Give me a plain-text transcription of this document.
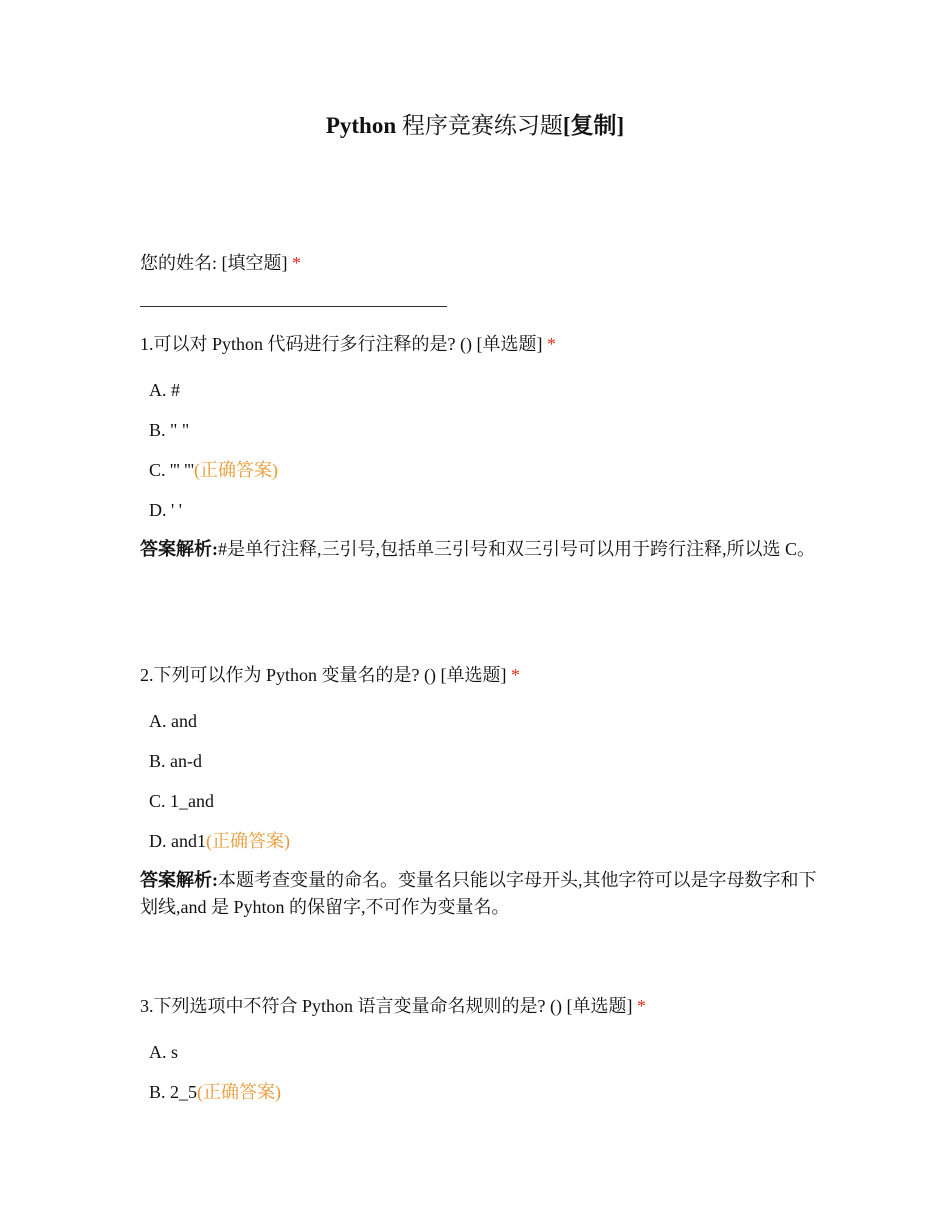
Python 程序竞赛练习题[复制]
您的姓名: [填空题] *
1.可以对 Python 代码进行多行注释的是? () [单选题] *
A. #
B. " "
C. ''' '''(正确答案)
D. ' '
答案解析:#是单行注释,三引号,包括单三引号和双三引号可以用于跨行注释,所以选 C。
2.下列可以作为 Python 变量名的是? () [单选题] *
A. and
B. an-d
C. 1_and
D. and1(正确答案)
答案解析:本题考查变量的命名。变量名只能以字母开头,其他字符可以是字母数字和下划线,and 是 Pyhton 的保留字,不可作为变量名。
3.下列选项中不符合 Python 语言变量命名规则的是? () [单选题] *
A. s
B. 2_5(正确答案)
